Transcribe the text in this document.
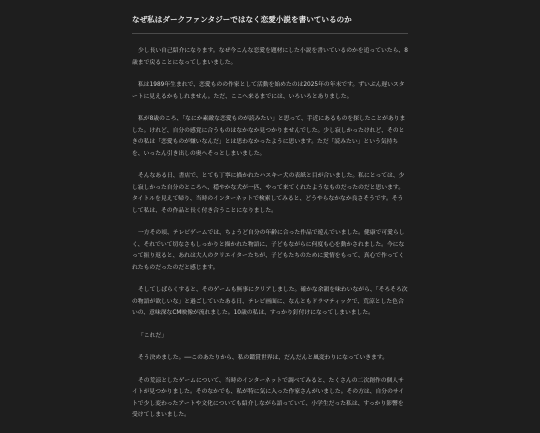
なぜ私はダークファンタジーではなく恋愛小説を書いているのか

少し長い自己紹介になります。なぜ今こんな恋愛を題材にした小説を書いているのかを追っていたら、8歳まで戻ることになってしまいました。

私は1989年生まれで、恋愛ものの作家として活動を始めたのは2025年の年末です。ずいぶん遅いスタートに見えるかもしれません。ただ、ここへ来るまでには、いろいろとありました。

私が8歳のころ、「なにか素敵な恋愛ものが読みたい」と思って、手近にあるものを探したことがありました。けれど、自分の感覚に合うものはなかなか見つかりませんでした。少し寂しかったけれど、そのときの私は「恋愛ものが嫌いなんだ」とは思わなかったように思います。ただ「読みたい」という気持ちを、いったん引き出しの奥へそっとしまいました。

そんなある日、書店で、とても丁寧に描かれたハスキー犬の表紙と目が合いました。私にとっては、少し寂しかった自分のところへ、穏やかな犬が一匹、やって来てくれたようなものだったのだと思います。タイトルを見えて帰り、当時のインターネットで検索してみると、どうやらなかなか良さそうです。そうして私は、その作品と長く付き合うことになりました。

一方その頃、テレビゲームでは、ちょうど自分の年齢に合った作品で遊んでいました。健康で可愛らしく、それでいて切なさもしっかりと描かれた物語に、子どもながらに何度も心を動かされました。今になって振り返ると、あれは大人のクリエイターたちが、子どもたちのために愛情をもって、真心で作ってくれたものだったのだと感じます。

そしてしばらくすると、そのゲームも無事にクリアしました。確かな余韻を味わいながら、「そろそろ次の物語が欲しいな」と過ごしていたある日、テレビ画面に、なんともドラマティックで、荒涼とした色合いの、意味深なCM映像が流れました。10歳の私は、すっかり釘付けになってしまいました。

「これだ」

そう決めました。──このあたりから、私の鑑賞世界は、だんだんと風変わりになっていきます。

その荒涼としたゲームについて、当時のインターネットで調べてみると、たくさんの二次創作の個人サイトが見つかりました。そのなかでも、私が特に気に入った作家さんがいました。その方は、自分のサイトで少し変わったアートや文化についても紹介しながら語っていて、小学生だった私は、すっかり影響を受けてしまいました。
